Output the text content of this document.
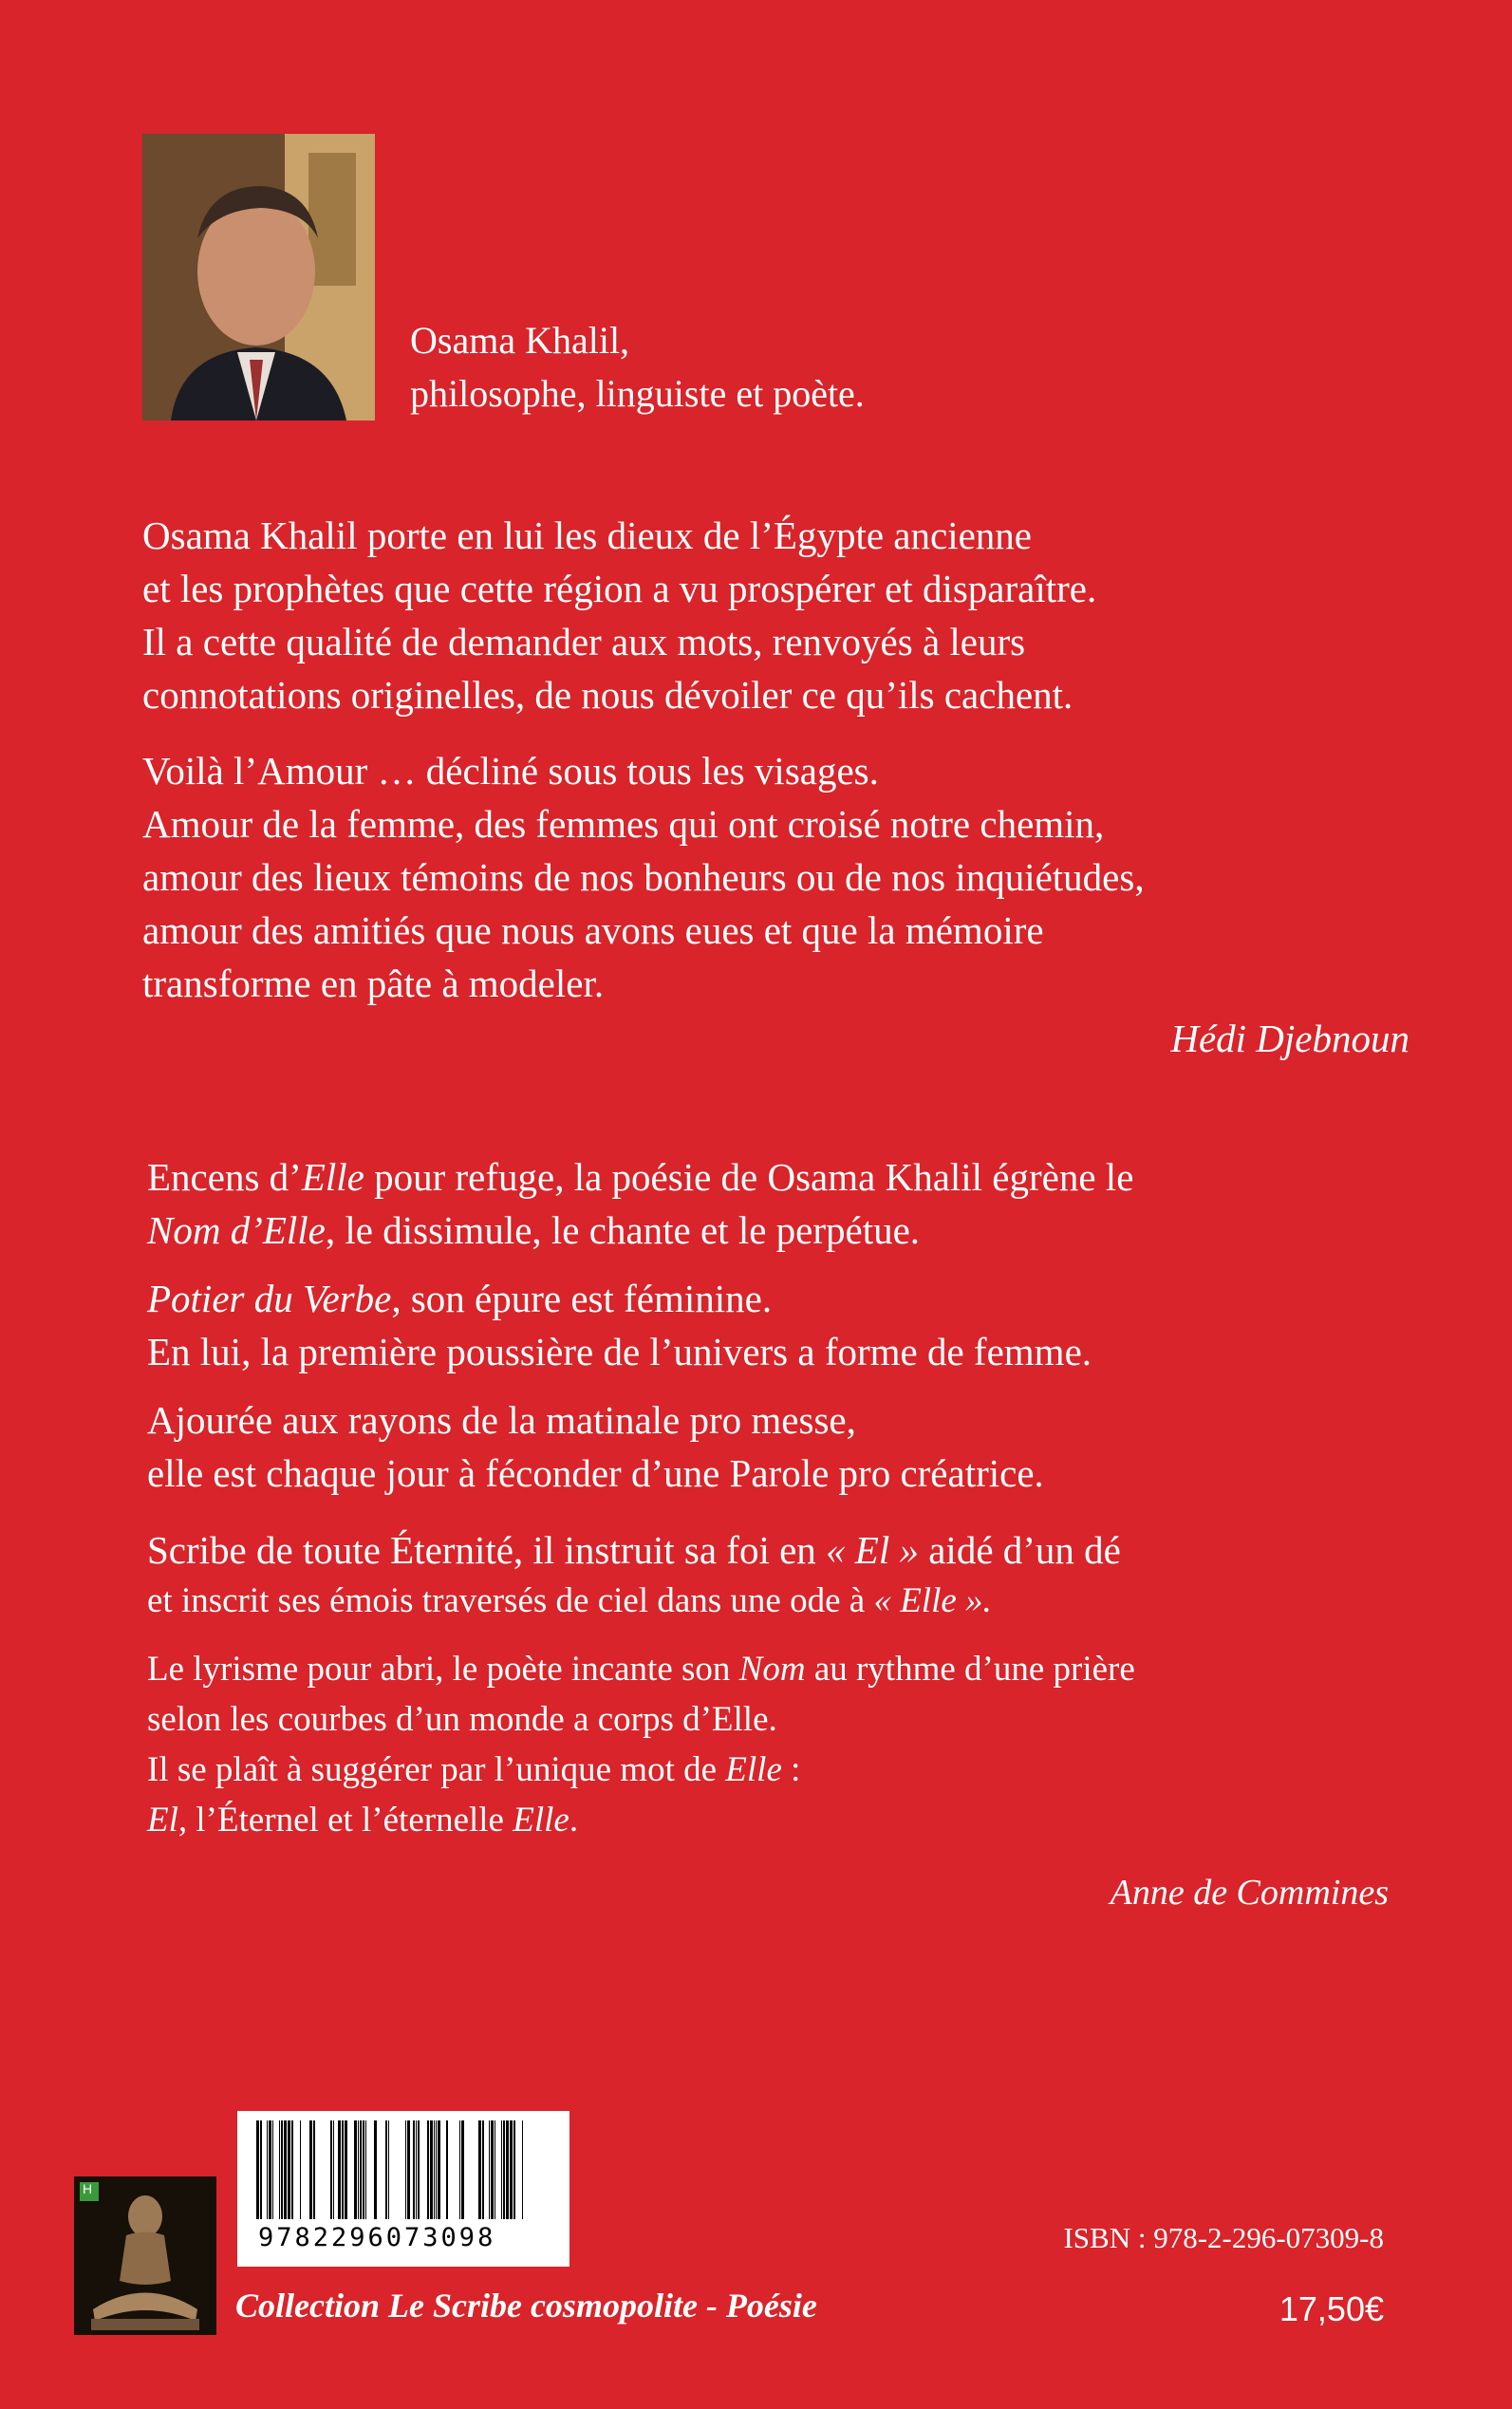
Osama Khalil,
philosophe, linguiste et poète.
Osama Khalil porte en lui les dieux de l’Égypte ancienne
et les prophètes que cette région a vu prospérer et disparaître.
Il a cette qualité de demander aux mots, renvoyés à leurs
connotations originelles, de nous dévoiler ce qu’ils cachent.
Voilà l’Amour … décliné sous tous les visages.
Amour de la femme, des femmes qui ont croisé notre chemin,
amour des lieux témoins de nos bonheurs ou de nos inquiétudes,
amour des amitiés que nous avons eues et que la mémoire
transforme en pâte à modeler.
Hédi Djebnoun
Encens d’Elle pour refuge, la poésie de Osama Khalil égrène le
Nom d’Elle, le dissimule, le chante et le perpétue.
Potier du Verbe, son épure est féminine.
En lui, la première poussière de l’univers a forme de femme.
Ajourée aux rayons de la matinale pro messe,
elle est chaque jour à féconder d’une Parole pro créatrice.
Scribe de toute Éternité, il instruit sa foi en « El » aidé d’un dé
et inscrit ses émois traversés de ciel dans une ode à « Elle ».
Le lyrisme pour abri, le poète incante son Nom au rythme d’une prière
selon les courbes d’un monde a corps d’Elle.
Il se plaît à suggérer par l’unique mot de Elle :
El, l’Éternel et l’éternelle Elle.
Anne de Commines
H
9782296073098
Collection Le Scribe cosmopolite - Poésie
ISBN : 978-2-296-07309-8
17,50€
